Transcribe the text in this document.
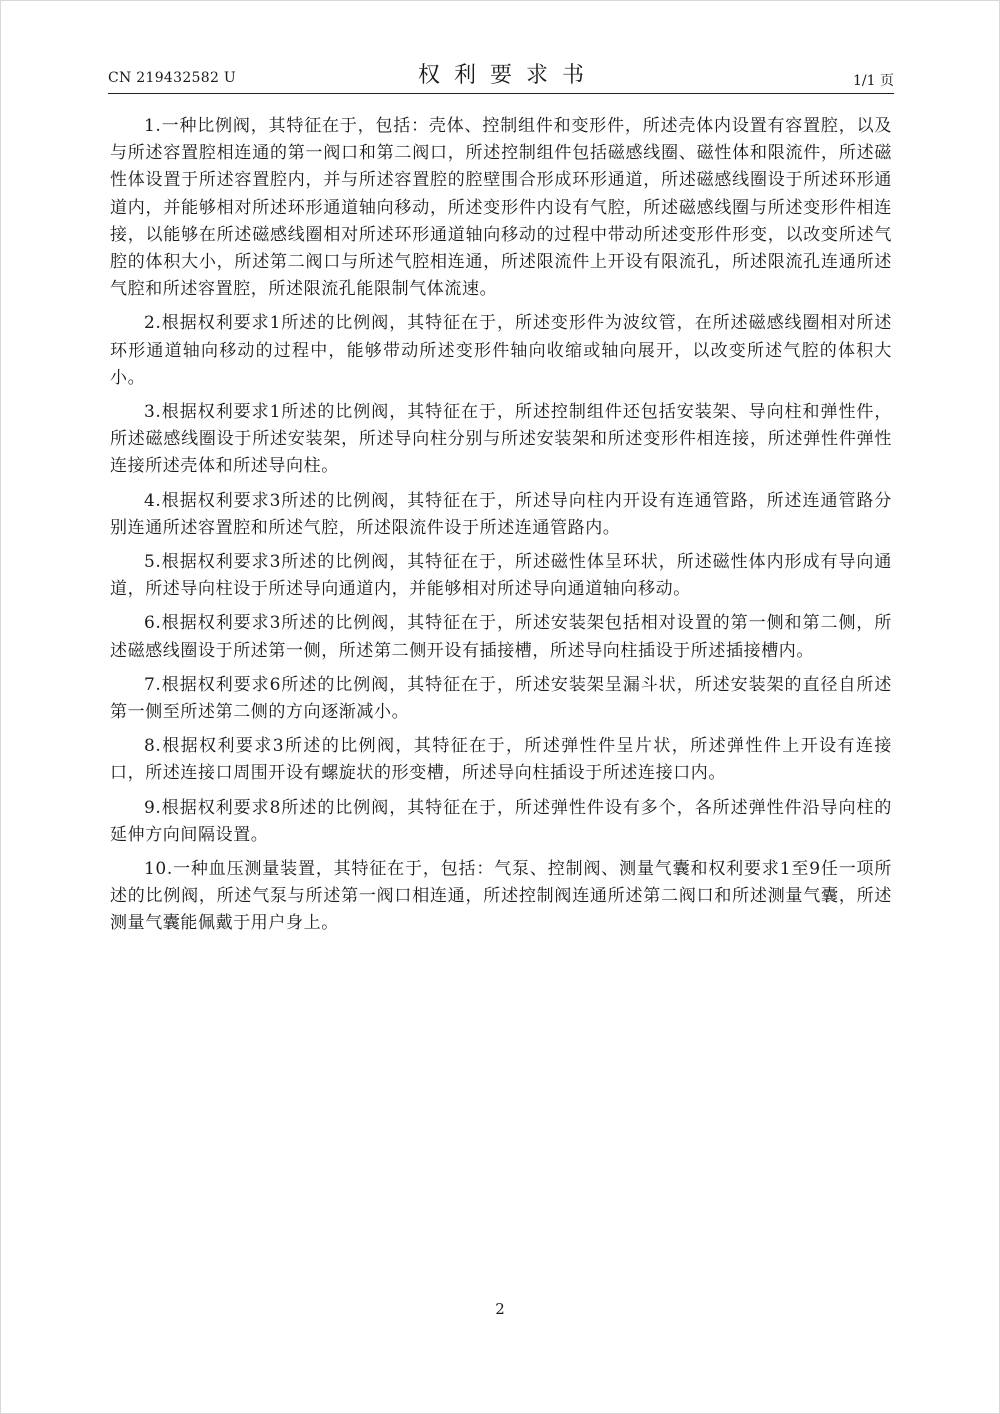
CN 219432582 U	权利要求书	1/1 页

1.一种比例阀，其特征在于，包括：壳体、控制组件和变形件，所述壳体内设置有容置腔，以及与所述容置腔相连通的第一阀口和第二阀口，所述控制组件包括磁感线圈、磁性体和限流件，所述磁性体设置于所述容置腔内，并与所述容置腔的腔壁围合形成环形通道，所述磁感线圈设于所述环形通道内，并能够相对所述环形通道轴向移动，所述变形件内设有气腔，所述磁感线圈与所述变形件相连接，以能够在所述磁感线圈相对所述环形通道轴向移动的过程中带动所述变形件形变，以改变所述气腔的体积大小，所述第二阀口与所述气腔相连通，所述限流件上开设有限流孔，所述限流孔连通所述气腔和所述容置腔，所述限流孔能限制气体流速。

2.根据权利要求1所述的比例阀，其特征在于，所述变形件为波纹管，在所述磁感线圈相对所述环形通道轴向移动的过程中，能够带动所述变形件轴向收缩或轴向展开，以改变所述气腔的体积大小。

3.根据权利要求1所述的比例阀，其特征在于，所述控制组件还包括安装架、导向柱和弹性件，所述磁感线圈设于所述安装架，所述导向柱分别与所述安装架和所述变形件相连接，所述弹性件弹性连接所述壳体和所述导向柱。

4.根据权利要求3所述的比例阀，其特征在于，所述导向柱内开设有连通管路，所述连通管路分别连通所述容置腔和所述气腔，所述限流件设于所述连通管路内。

5.根据权利要求3所述的比例阀，其特征在于，所述磁性体呈环状，所述磁性体内形成有导向通道，所述导向柱设于所述导向通道内，并能够相对所述导向通道轴向移动。

6.根据权利要求3所述的比例阀，其特征在于，所述安装架包括相对设置的第一侧和第二侧，所述磁感线圈设于所述第一侧，所述第二侧开设有插接槽，所述导向柱插设于所述插接槽内。

7.根据权利要求6所述的比例阀，其特征在于，所述安装架呈漏斗状，所述安装架的直径自所述第一侧至所述第二侧的方向逐渐减小。

8.根据权利要求3所述的比例阀，其特征在于，所述弹性件呈片状，所述弹性件上开设有连接口，所述连接口周围开设有螺旋状的形变槽，所述导向柱插设于所述连接口内。

9.根据权利要求8所述的比例阀，其特征在于，所述弹性件设有多个，各所述弹性件沿导向柱的延伸方向间隔设置。

10.一种血压测量装置，其特征在于，包括：气泵、控制阀、测量气囊和权利要求1至9任一项所述的比例阀，所述气泵与所述第一阀口相连通，所述控制阀连通所述第二阀口和所述测量气囊，所述测量气囊能佩戴于用户身上。

2
